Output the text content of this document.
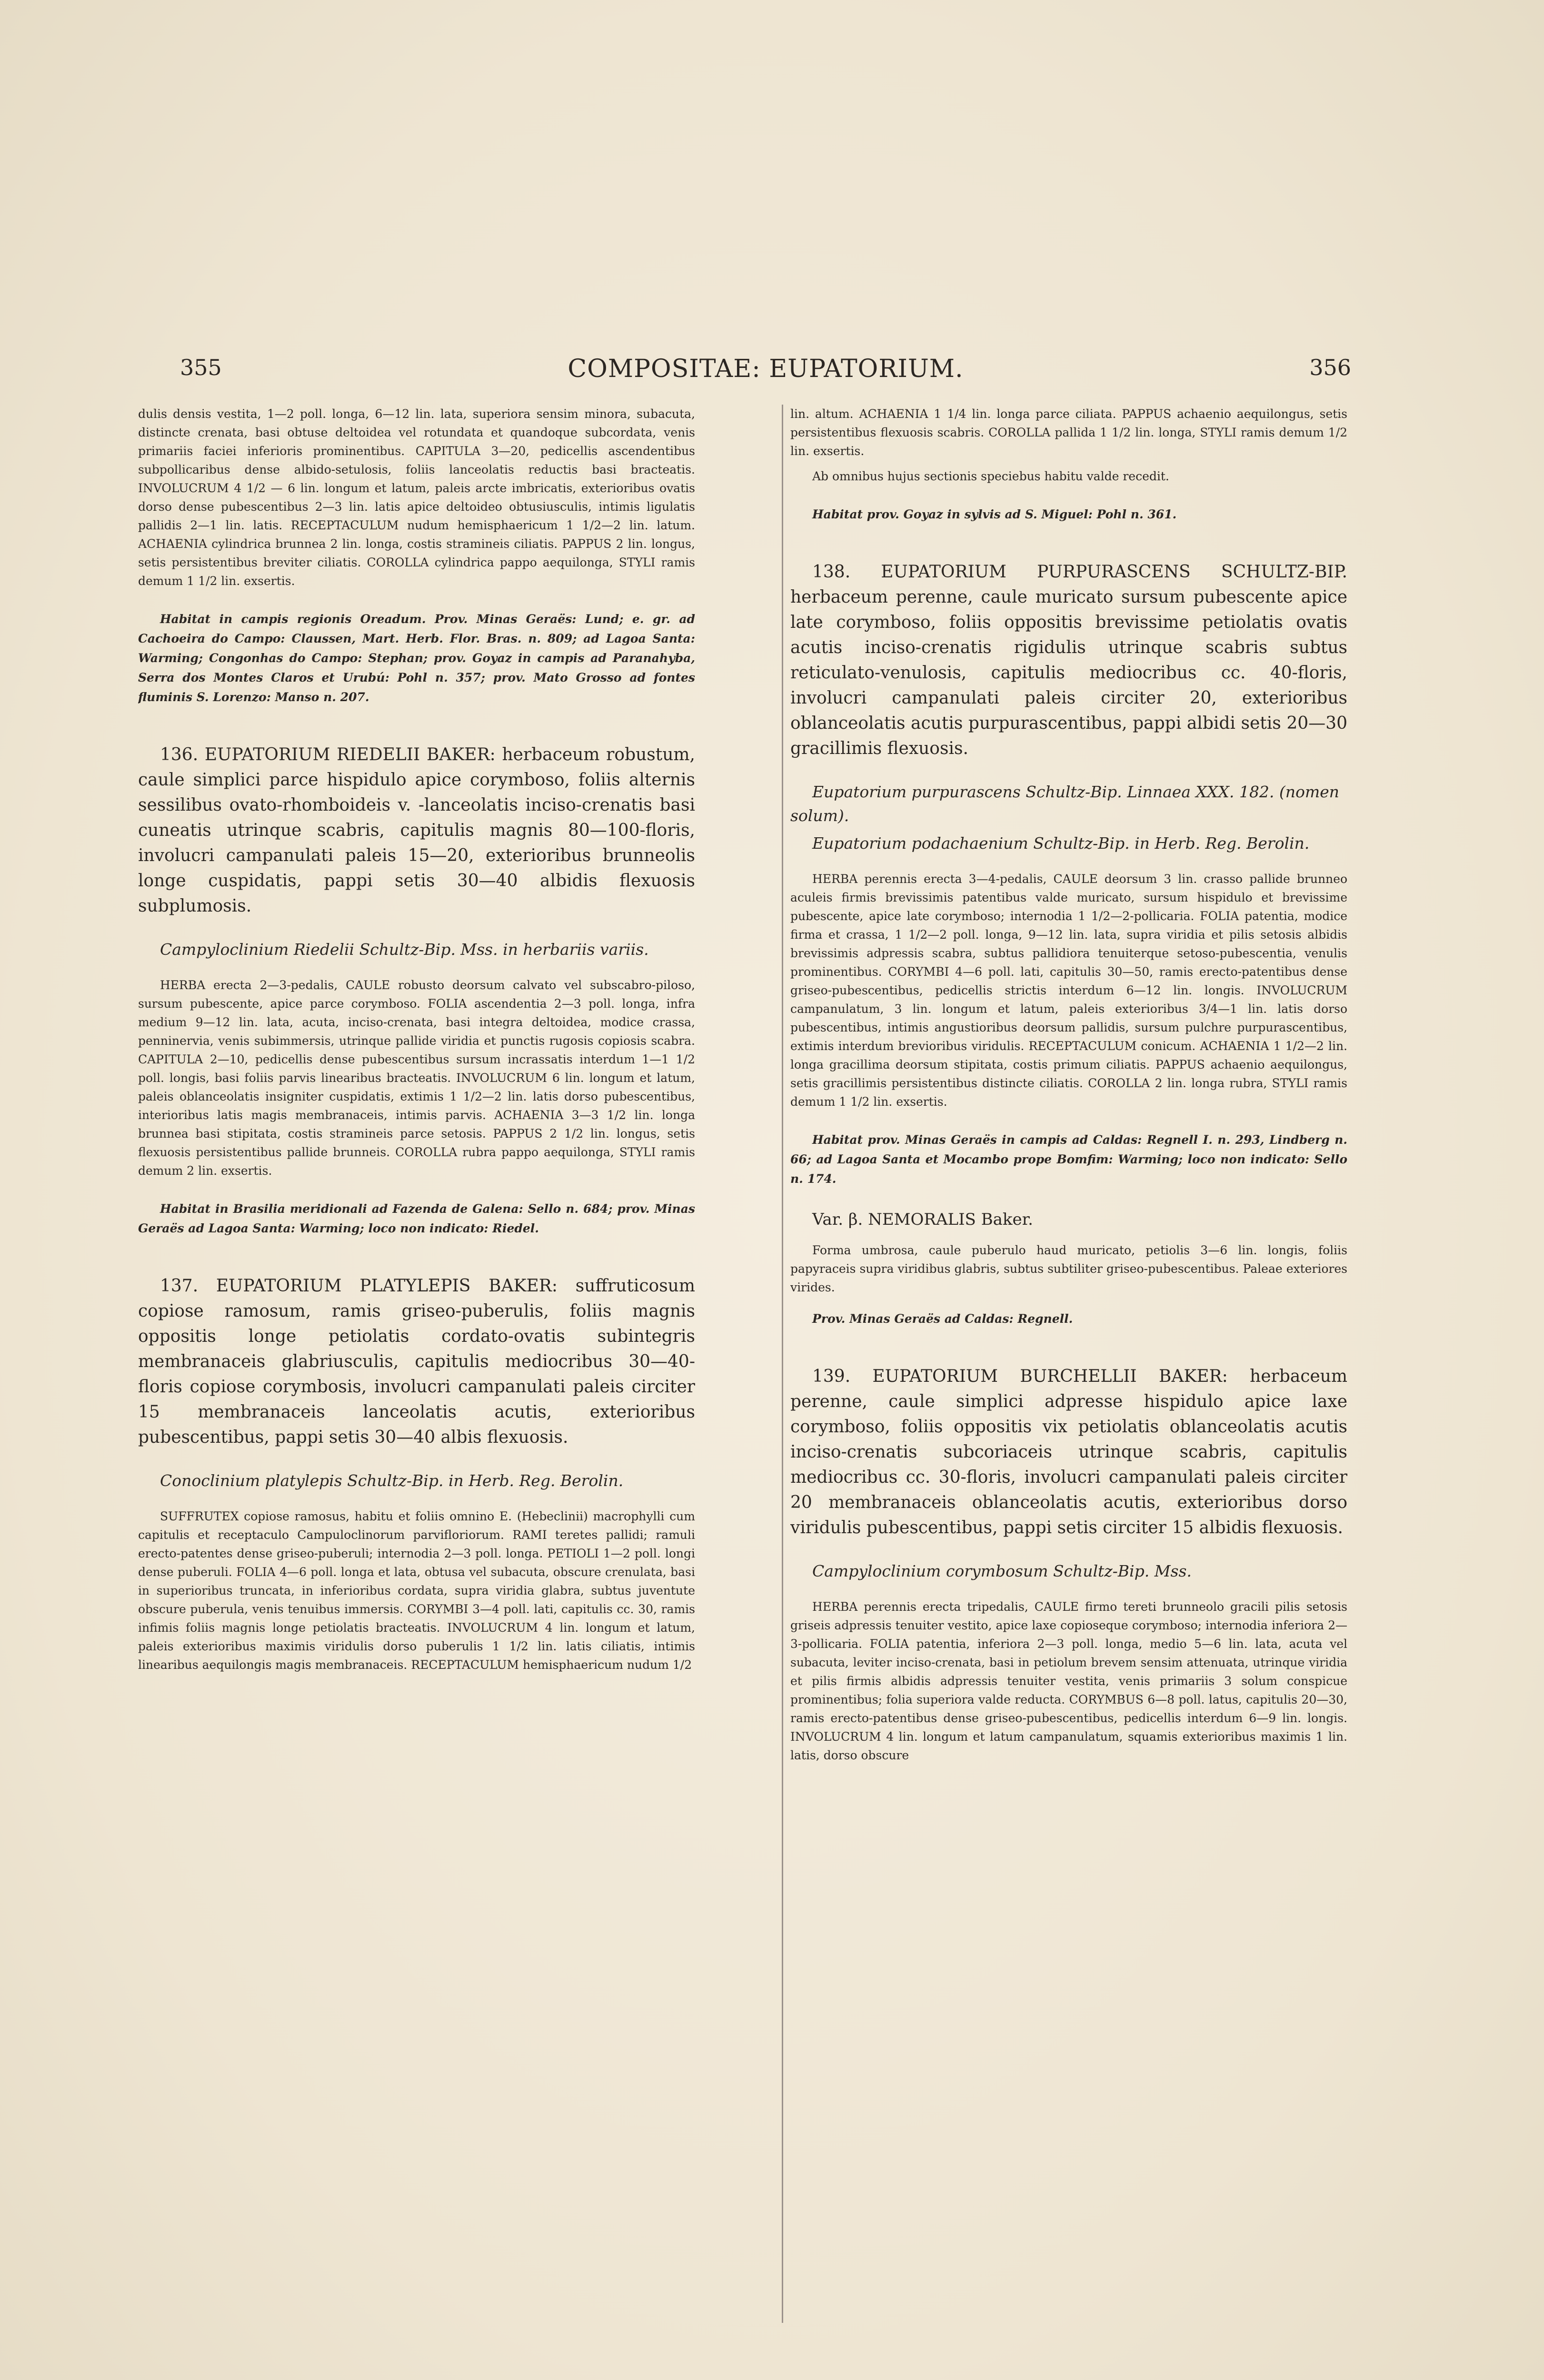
355	COMPOSITAE: EUPATORIUM.	356

dulis densis vestita, 1—2 poll. longa, 6—12 lin. lata, superiora sensim minora, subacuta, distincte crenata, basi obtuse deltoidea vel rotundata et quandoque subcordata, venis primariis faciei inferioris prominentibus. CAPITULA 3—20, pedicellis ascendentibus subpollicaribus dense albido-setulosis, foliis lanceolatis reductis basi bracteatis. INVOLUCRUM 4 1/2 — 6 lin. longum et latum, paleis arcte imbricatis, exterioribus ovatis dorso dense pubescentibus 2—3 lin. latis apice deltoideo obtusiusculis, intimis ligulatis pallidis 2—1 lin. latis. RECEPTACULUM nudum hemisphaericum 1 1/2—2 lin. latum. ACHAENIA cylindrica brunnea 2 lin. longa, costis stramineis ciliatis. PAPPUS 2 lin. longus, setis persistentibus breviter ciliatis. COROLLA cylindrica pappo aequilonga, STYLI ramis demum 1 1/2 lin. exsertis.

Habitat in campis regionis Oreadum. Prov. Minas Geraës: Lund; e. gr. ad Cachoeira do Campo: Claussen, Mart. Herb. Flor. Bras. n. 809; ad Lagoa Santa: Warming; Congonhas do Campo: Stephan; prov. Goyaz in campis ad Paranahyba, Serra dos Montes Claros et Urubú: Pohl n. 357; prov. Mato Grosso ad fontes fluminis S. Lorenzo: Manso n. 207.

136. EUPATORIUM RIEDELII BAKER: herbaceum robustum, caule simplici parce hispidulo apice corymboso, foliis alternis sessilibus ovato-rhomboideis v. -lanceolatis inciso-crenatis basi cuneatis utrinque scabris, capitulis magnis 80—100-floris, involucri campanulati paleis 15—20, exterioribus brunneolis longe cuspidatis, pappi setis 30—40 albidis flexuosis subplumosis.

Campyloclinium Riedelii Schultz-Bip. Mss. in herbariis variis.

HERBA erecta 2—3-pedalis, CAULE robusto deorsum calvato vel subscabro-piloso, sursum pubescente, apice parce corymboso. FOLIA ascendentia 2—3 poll. longa, infra medium 9—12 lin. lata, acuta, inciso-crenata, basi integra deltoidea, modice crassa, penninervia, venis subimmersis, utrinque pallide viridia et punctis rugosis copiosis scabra. CAPITULA 2—10, pedicellis dense pubescentibus sursum incrassatis interdum 1—1 1/2 poll. longis, basi foliis parvis linearibus bracteatis. INVOLUCRUM 6 lin. longum et latum, paleis oblanceolatis insigniter cuspidatis, extimis 1 1/2—2 lin. latis dorso pubescentibus, interioribus latis magis membranaceis, intimis parvis. ACHAENIA 3—3 1/2 lin. longa brunnea basi stipitata, costis stramineis parce setosis. PAPPUS 2 1/2 lin. longus, setis flexuosis persistentibus pallide brunneis. COROLLA rubra pappo aequilonga, STYLI ramis demum 2 lin. exsertis.

Habitat in Brasilia meridionali ad Fazenda de Galena: Sello n. 684; prov. Minas Geraës ad Lagoa Santa: Warming; loco non indicato: Riedel.

137. EUPATORIUM PLATYLEPIS BAKER: suffruticosum copiose ramosum, ramis griseo-puberulis, foliis magnis oppositis longe petiolatis cordato-ovatis subintegris membranaceis glabriusculis, capitulis mediocribus 30—40-floris copiose corymbosis, involucri campanulati paleis circiter 15 membranaceis lanceolatis acutis, exterioribus pubescentibus, pappi setis 30—40 albis flexuosis.

Conoclinium platylepis Schultz-Bip. in Herb. Reg. Berolin.

SUFFRUTEX copiose ramosus, habitu et foliis omnino E. (Hebeclinii) macrophylli cum capitulis et receptaculo Campuloclinorum parvifloriorum. RAMI teretes pallidi; ramuli erecto-patentes dense griseo-puberuli; internodia 2—3 poll. longa. PETIOLI 1—2 poll. longi dense puberuli. FOLIA 4—6 poll. longa et lata, obtusa vel subacuta, obscure crenulata, basi in superioribus truncata, in inferioribus cordata, supra viridia glabra, subtus juventute obscure puberula, venis tenuibus immersis. CORYMBI 3—4 poll. lati, capitulis cc. 30, ramis infimis foliis magnis longe petiolatis bracteatis. INVOLUCRUM 4 lin. longum et latum, paleis exterioribus maximis viridulis dorso puberulis 1 1/2 lin. latis ciliatis, intimis linearibus aequilongis magis membranaceis. RECEPTACULUM hemisphaericum nudum 1/2

lin. altum. ACHAENIA 1 1/4 lin. longa parce ciliata. PAPPUS achaenio aequilongus, setis persistentibus flexuosis scabris. COROLLA pallida 1 1/2 lin. longa, STYLI ramis demum 1/2 lin. exsertis.

Ab omnibus hujus sectionis speciebus habitu valde recedit.

Habitat prov. Goyaz in sylvis ad S. Miguel: Pohl n. 361.

138. EUPATORIUM PURPURASCENS SCHULTZ-BIP. herbaceum perenne, caule muricato sursum pubescente apice late corymboso, foliis oppositis brevissime petiolatis ovatis acutis inciso-crenatis rigidulis utrinque scabris subtus reticulato-venulosis, capitulis mediocribus cc. 40-floris, involucri campanulati paleis circiter 20, exterioribus oblanceolatis acutis purpurascentibus, pappi albidi setis 20—30 gracillimis flexuosis.

Eupatorium purpurascens Schultz-Bip. Linnaea XXX. 182. (nomen solum).

Eupatorium podachaenium Schultz-Bip. in Herb. Reg. Berolin.

HERBA perennis erecta 3—4-pedalis, CAULE deorsum 3 lin. crasso pallide brunneo aculeis firmis brevissimis patentibus valde muricato, sursum hispidulo et brevissime pubescente, apice late corymboso; internodia 1 1/2—2-pollicaria. FOLIA patentia, modice firma et crassa, 1 1/2—2 poll. longa, 9—12 lin. lata, supra viridia et pilis setosis albidis brevissimis adpressis scabra, subtus pallidiora tenuiterque setoso-pubescentia, venulis prominentibus. CORYMBI 4—6 poll. lati, capitulis 30—50, ramis erecto-patentibus dense griseo-pubescentibus, pedicellis strictis interdum 6—12 lin. longis. INVOLUCRUM campanulatum, 3 lin. longum et latum, paleis exterioribus 3/4—1 lin. latis dorso pubescentibus, intimis angustioribus deorsum pallidis, sursum pulchre purpurascentibus, extimis interdum brevioribus viridulis. RECEPTACULUM conicum. ACHAENIA 1 1/2—2 lin. longa gracillima deorsum stipitata, costis primum ciliatis. PAPPUS achaenio aequilongus, setis gracillimis persistentibus distincte ciliatis. COROLLA 2 lin. longa rubra, STYLI ramis demum 1 1/2 lin. exsertis.

Habitat prov. Minas Geraës in campis ad Caldas: Regnell I. n. 293, Lindberg n. 66; ad Lagoa Santa et Mocambo prope Bomfim: Warming; loco non indicato: Sello n. 174.

Var. β. NEMORALIS Baker.

Forma umbrosa, caule puberulo haud muricato, petiolis 3—6 lin. longis, foliis papyraceis supra viridibus glabris, subtus subtiliter griseo-pubescentibus. Paleae exteriores virides.

Prov. Minas Geraës ad Caldas: Regnell.

139. EUPATORIUM BURCHELLII BAKER: herbaceum perenne, caule simplici adpresse hispidulo apice laxe corymboso, foliis oppositis vix petiolatis oblanceolatis acutis inciso-crenatis subcoriaceis utrinque scabris, capitulis mediocribus cc. 30-floris, involucri campanulati paleis circiter 20 membranaceis oblanceolatis acutis, exterioribus dorso viridulis pubescentibus, pappi setis circiter 15 albidis flexuosis.

Campyloclinium corymbosum Schultz-Bip. Mss.

HERBA perennis erecta tripedalis, CAULE firmo tereti brunneolo gracili pilis setosis griseis adpressis tenuiter vestito, apice laxe copioseque corymboso; internodia inferiora 2—3-pollicaria. FOLIA patentia, inferiora 2—3 poll. longa, medio 5—6 lin. lata, acuta vel subacuta, leviter inciso-crenata, basi in petiolum brevem sensim attenuata, utrinque viridia et pilis firmis albidis adpressis tenuiter vestita, venis primariis 3 solum conspicue prominentibus; folia superiora valde reducta. CORYMBUS 6—8 poll. latus, capitulis 20—30, ramis erecto-patentibus dense griseo-pubescentibus, pedicellis interdum 6—9 lin. longis. INVOLUCRUM 4 lin. longum et latum campanulatum, squamis exterioribus maximis 1 lin. latis, dorso obscure
